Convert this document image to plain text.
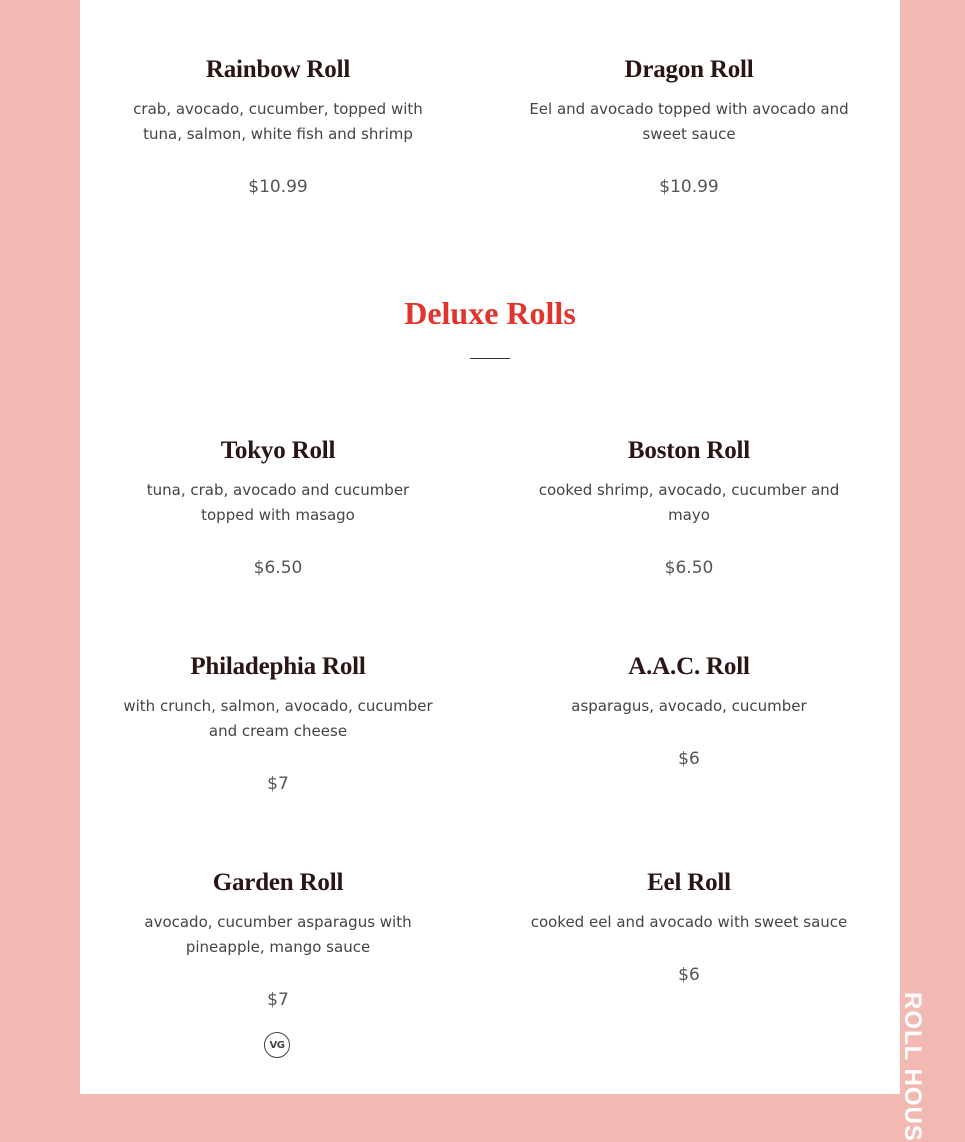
Rainbow Roll

crab, avocado, cucumber, topped with tuna, salmon, white fish and shrimp

$10.99

Dragon Roll

Eel and avocado topped with avocado and sweet sauce

$10.99

Deluxe Rolls
Tokyo Roll

tuna, crab, avocado and cucumber topped with masago

$6.50

Boston Roll

cooked shrimp, avocado, cucumber and mayo

$6.50

Philadephia Roll

with crunch, salmon, avocado, cucumber and cream cheese

$7

A.A.C. Roll

asparagus, avocado, cucumber

$6

Garden Roll

avocado, cucumber asparagus with pineapple, mango sauce

$7

VG
Eel Roll

cooked eel and avocado with sweet sauce

$6

ROLL HOUS
